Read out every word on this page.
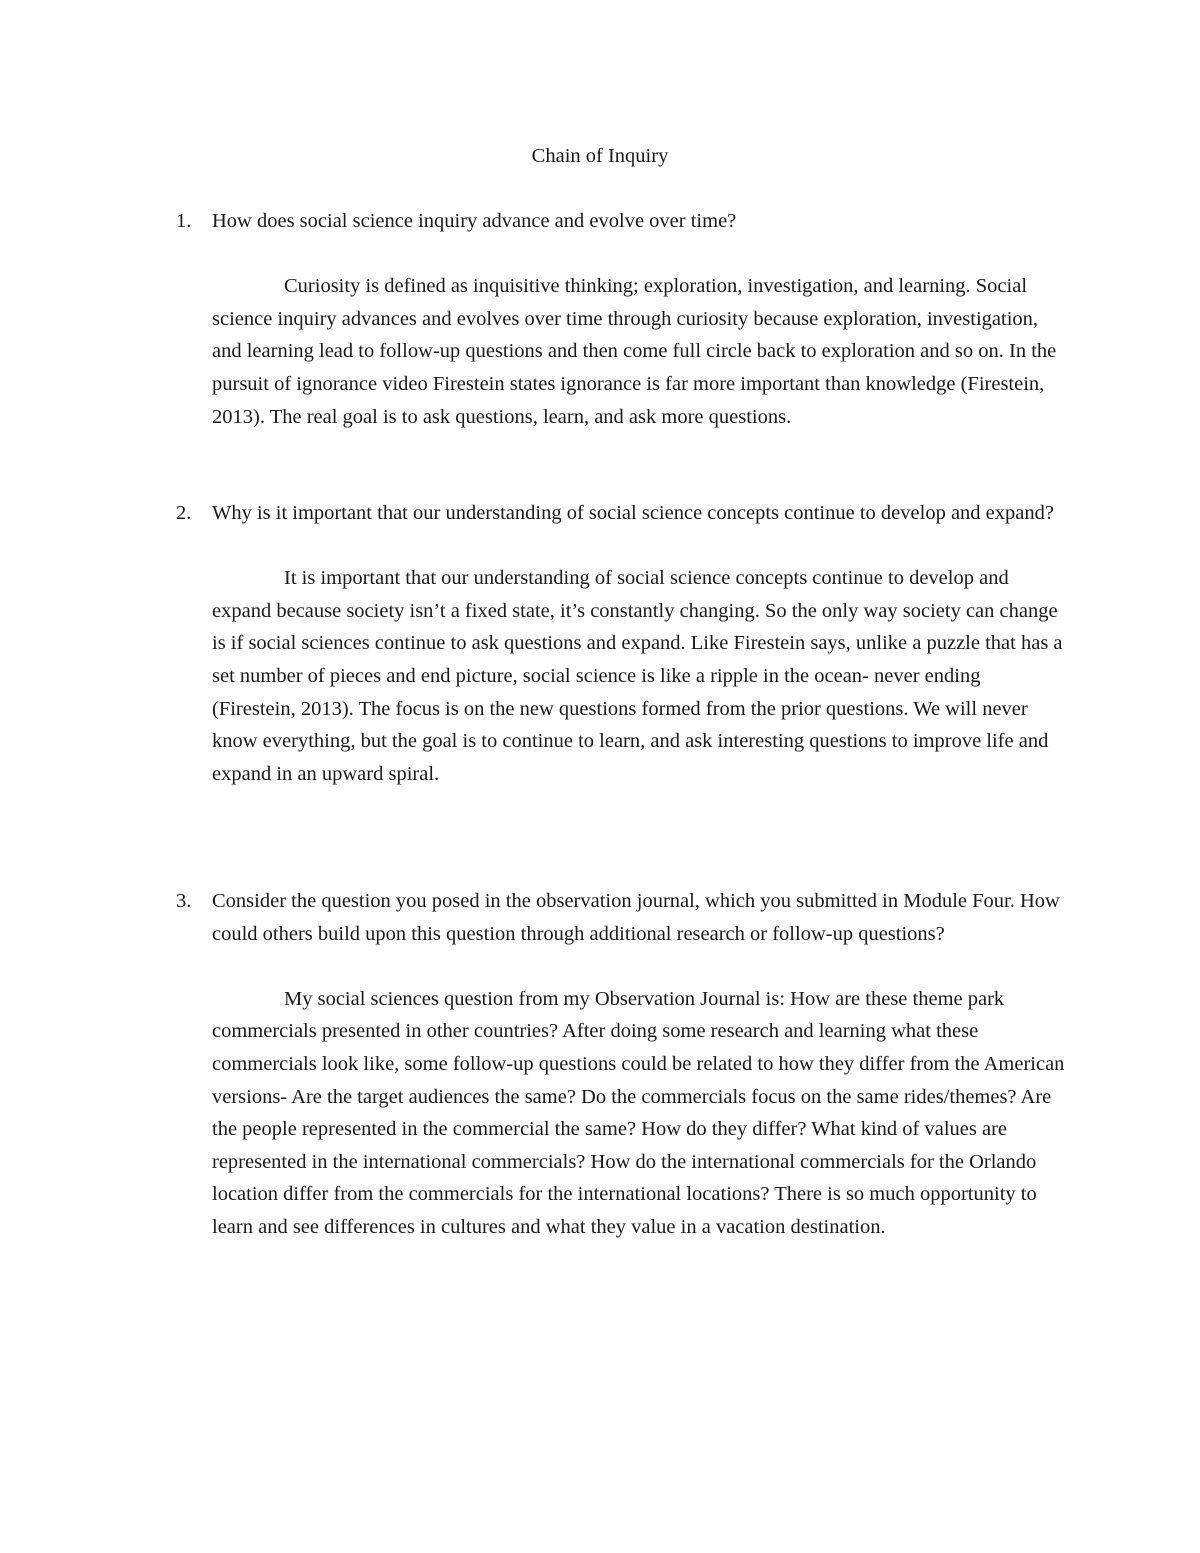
Chain of Inquiry
1.	How does social science inquiry advance and evolve over time?

Curiosity is defined as inquisitive thinking; exploration, investigation, and learning. Social science inquiry advances and evolves over time through curiosity because exploration, investigation, and learning lead to follow-up questions and then come full circle back to exploration and so on. In the pursuit of ignorance video Firestein states ignorance is far more important than knowledge (Firestein, 2013). The real goal is to ask questions, learn, and ask more questions.

2.	Why is it important that our understanding of social science concepts continue to develop and expand?

It is important that our understanding of social science concepts continue to develop and expand because society isn’t a fixed state, it’s constantly changing. So the only way society can change is if social sciences continue to ask questions and expand. Like Firestein says, unlike a puzzle that has a set number of pieces and end picture, social science is like a ripple in the ocean- never ending (Firestein, 2013). The focus is on the new questions formed from the prior questions. We will never know everything, but the goal is to continue to learn, and ask interesting questions to improve life and expand in an upward spiral.

3.	Consider the question you posed in the observation journal, which you submitted in Module Four. How could others build upon this question through additional research or follow-up questions?

My social sciences question from my Observation Journal is: How are these theme park commercials presented in other countries? After doing some research and learning what these commercials look like, some follow-up questions could be related to how they differ from the American versions- Are the target audiences the same? Do the commercials focus on the same rides/themes? Are the people represented in the commercial the same? How do they differ? What kind of values are represented in the international commercials? How do the international commercials for the Orlando location differ from the commercials for the international locations? There is so much opportunity to learn and see differences in cultures and what they value in a vacation destination.
